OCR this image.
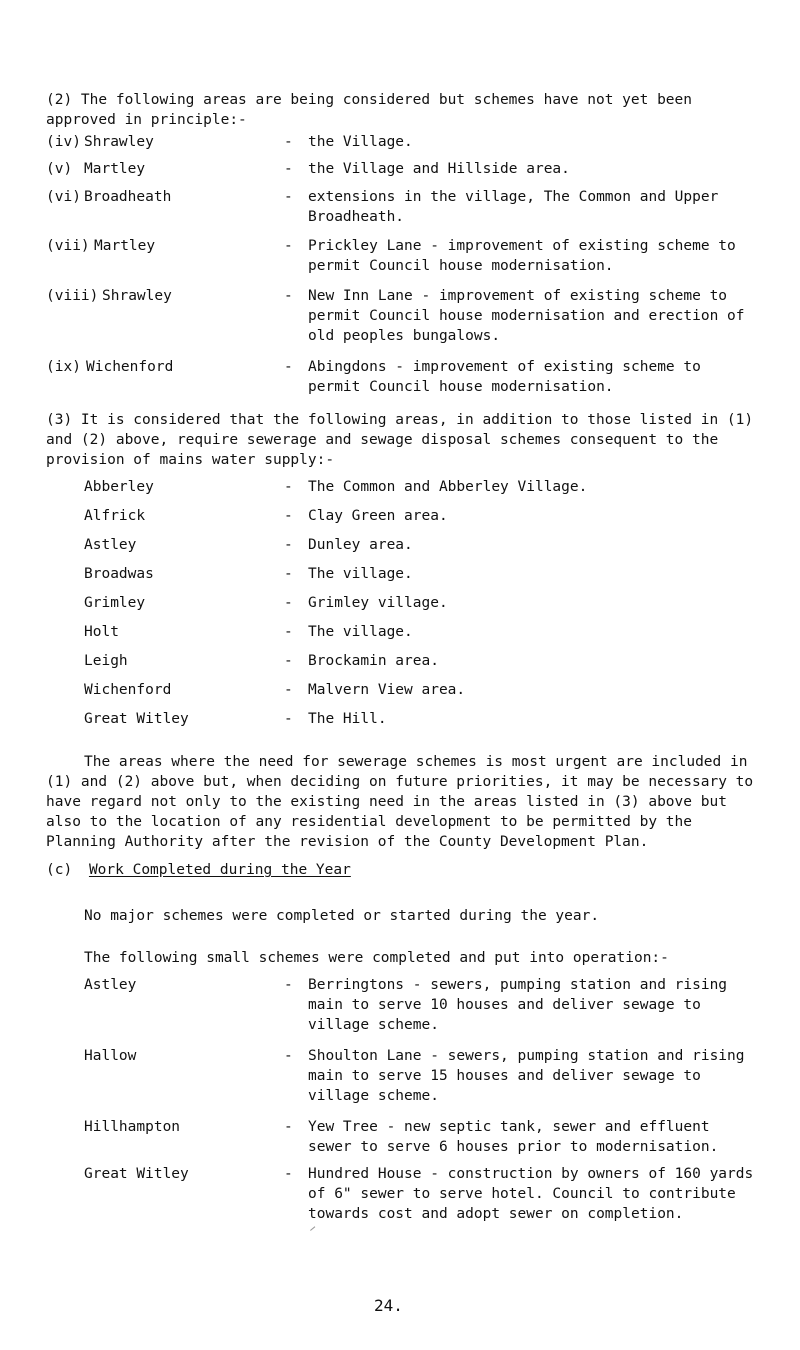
(2) The following areas are being considered but schemes have not yet been approved in principle:-

(iv) Shrawley	- the Village.
(v) Martley	- the Village and Hillside area.
(vi) Broadheath	- extensions in the village, The Common and Upper Broadheath.
(vii) Martley	- Prickley Lane - improvement of existing scheme to permit Council house modernisation.
(viii) Shrawley	- New Inn Lane - improvement of existing scheme to permit Council house modernisation and erection of old peoples bungalows.
(ix) Wichenford	- Abingdons - improvement of existing scheme to permit Council house modernisation.

(3) It is considered that the following areas, in addition to those listed in (1) and (2) above, require sewerage and sewage disposal schemes consequent to the provision of mains water supply:-

Abberley	- The Common and Abberley Village.
Alfrick	- Clay Green area.
Astley	- Dunley area.
Broadwas	- The village.
Grimley	- Grimley village.
Holt	- The village.
Leigh	- Brockamin area.
Wichenford	- Malvern View area.
Great Witley	- The Hill.

The areas where the need for sewerage schemes is most urgent are included in (1) and (2) above but, when deciding on future priorities, it may be necessary to have regard not only to the existing need in the areas listed in (3) above but also to the location of any residential development to be permitted by the Planning Authority after the revision of the County Development Plan.

(c) Work Completed during the Year

No major schemes were completed or started during the year.

The following small schemes were completed and put into operation:-

Astley	- Berringtons - sewers, pumping station and rising main to serve 10 houses and deliver sewage to village scheme.
Hallow	- Shoulton Lane - sewers, pumping station and rising main to serve 15 houses and deliver sewage to village scheme.
Hillhampton	- Yew Tree - new septic tank, sewer and effluent sewer to serve 6 houses prior to modernisation.
Great Witley	- Hundred House - construction by owners of 160 yards of 6" sewer to serve hotel. Council to contribute towards cost and adopt sewer on completion.
24.
